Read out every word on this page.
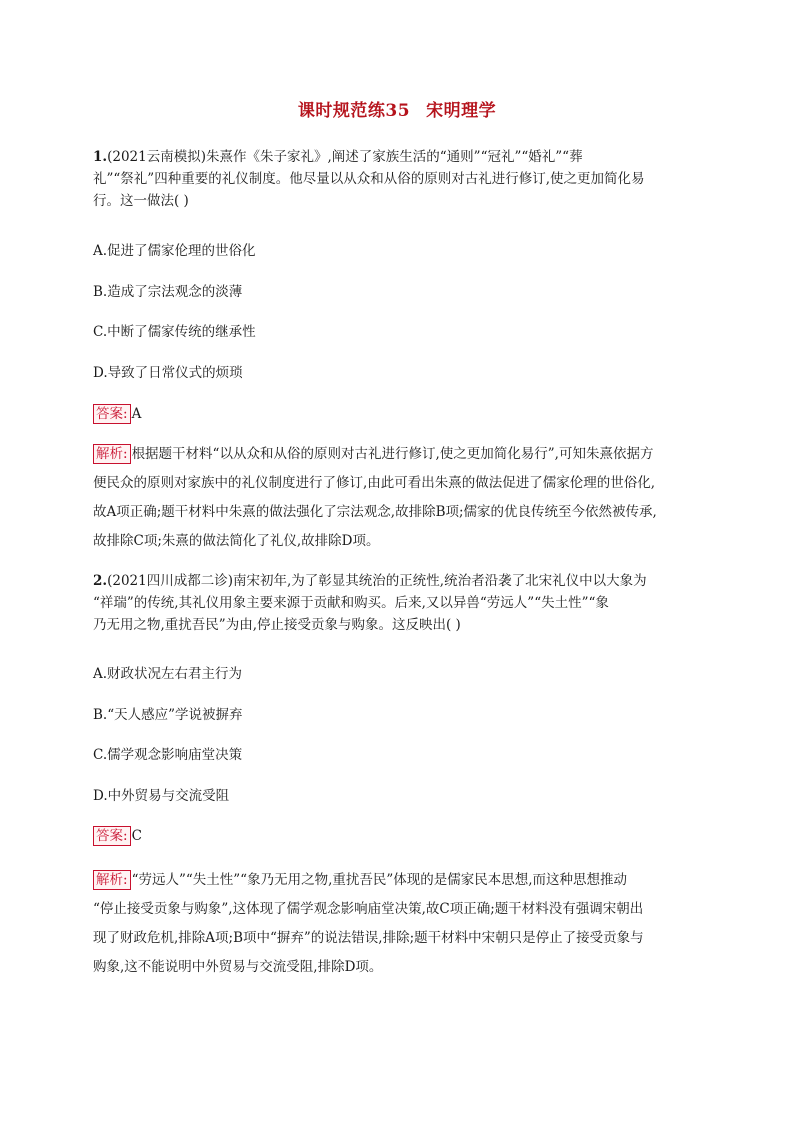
课时规范练35 宋明理学
1.(2021云南模拟)朱熹作《朱子家礼》,阐述了家族生活的“通则”“冠礼”“婚礼”“葬
礼”“祭礼”四种重要的礼仪制度。他尽量以从众和从俗的原则对古礼进行修订,使之更加简化易
行。这一做法( )
A.促进了儒家伦理的世俗化
B.造成了宗法观念的淡薄
C.中断了儒家传统的继承性
D.导致了日常仪式的烦琐
答案: A
解析: 根据题干材料“以从众和从俗的原则对古礼进行修订,使之更加简化易行”,可知朱熹依据方
便民众的原则对家族中的礼仪制度进行了修订,由此可看出朱熹的做法促进了儒家伦理的世俗化,
故A项正确;题干材料中朱熹的做法强化了宗法观念,故排除B项;儒家的优良传统至今依然被传承,
故排除C项;朱熹的做法简化了礼仪,故排除D项。
2.(2021四川成都二诊)南宋初年,为了彰显其统治的正统性,统治者沿袭了北宋礼仪中以大象为
“祥瑞”的传统,其礼仪用象主要来源于贡献和购买。后来,又以异兽“劳远人”“失土性”“象
乃无用之物,重扰吾民”为由,停止接受贡象与购象。这反映出( )
A.财政状况左右君主行为
B.“天人感应”学说被摒弃
C.儒学观念影响庙堂决策
D.中外贸易与交流受阻
答案: C
解析: “劳远人”“失土性”“象乃无用之物,重扰吾民”体现的是儒家民本思想,而这种思想推动
“停止接受贡象与购象”,这体现了儒学观念影响庙堂决策,故C项正确;题干材料没有强调宋朝出
现了财政危机,排除A项;B项中“摒弃”的说法错误,排除;题干材料中宋朝只是停止了接受贡象与
购象,这不能说明中外贸易与交流受阻,排除D项。
